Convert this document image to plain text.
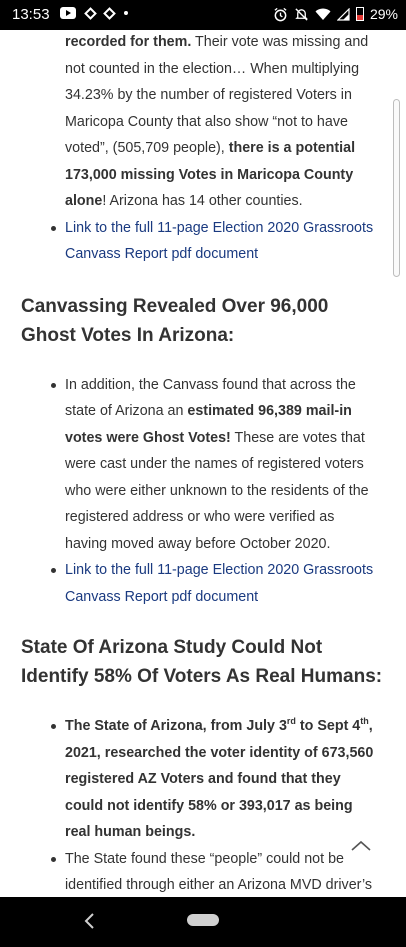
13:53	29%
recorded for them. Their vote was missing and not counted in the election… When multiplying 34.23% by the number of registered Voters in Maricopa County that also show “not to have voted”, (505,709 people), there is a potential 173,000 missing Votes in Maricopa County alone! Arizona has 14 other counties.
Link to the full 11-page Election 2020 Grassroots Canvass Report pdf document
Canvassing Revealed Over 96,000 Ghost Votes In Arizona:
In addition, the Canvass found that across the state of Arizona an estimated 96,389 mail-in votes were Ghost Votes! These are votes that were cast under the names of registered voters who were either unknown to the residents of the registered address or who were verified as having moved away before October 2020.
Link to the full 11-page Election 2020 Grassroots Canvass Report pdf document
State Of Arizona Study Could Not Identify 58% Of Voters As Real Humans:
The State of Arizona, from July 3rd to Sept 4th, 2021, researched the voter identity of 673,560 registered AZ Voters and found that they could not identify 58% or 393,017 as being real human beings.
The State found these “people” could not be identified through either an Arizona MVD driver’s
